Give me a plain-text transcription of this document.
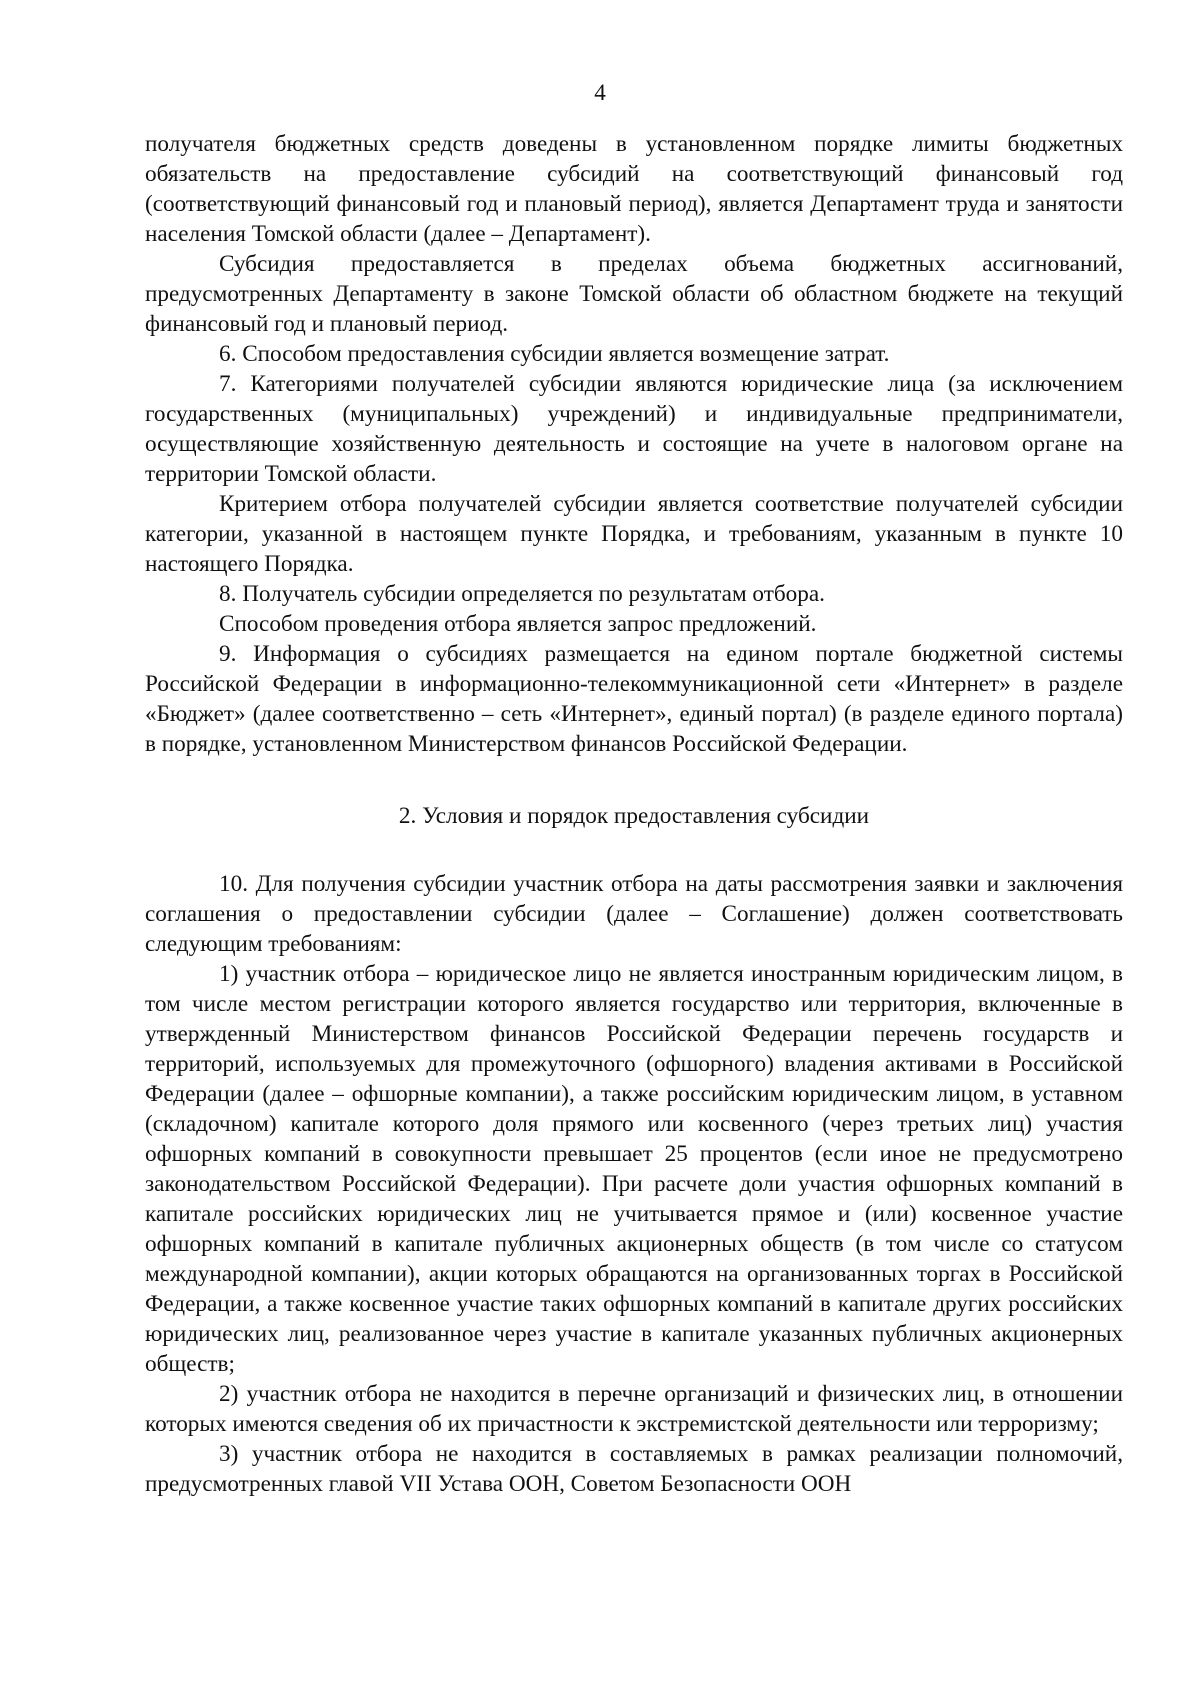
4

получателя бюджетных средств доведены в установленном порядке лимиты бюджетных обязательств на предоставление субсидий на соответствующий финансовый год (соответствующий финансовый год и плановый период), является Департамент труда и занятости населения Томской области (далее – Департамент).

Субсидия предоставляется в пределах объема бюджетных ассигнований, предусмотренных Департаменту в законе Томской области об областном бюджете на текущий финансовый год и плановый период.

6. Способом предоставления субсидии является возмещение затрат.

7. Категориями получателей субсидии являются юридические лица (за исключением государственных (муниципальных) учреждений) и индивидуальные предприниматели, осуществляющие хозяйственную деятельность и состоящие на учете в налоговом органе на территории Томской области.

Критерием отбора получателей субсидии является соответствие получателей субсидии категории, указанной в настоящем пункте Порядка, и требованиям, указанным в пункте 10 настоящего Порядка.

8. Получатель субсидии определяется по результатам отбора.

Способом проведения отбора является запрос предложений.

9. Информация о субсидиях размещается на едином портале бюджетной системы Российской Федерации в информационно-телекоммуникационной сети «Интернет» в разделе «Бюджет» (далее соответственно – сеть «Интернет», единый портал) (в разделе единого портала) в порядке, установленном Министерством финансов Российской Федерации.

2. Условия и порядок предоставления субсидии

10. Для получения субсидии участник отбора на даты рассмотрения заявки и заключения соглашения о предоставлении субсидии (далее – Соглашение) должен соответствовать следующим требованиям:

1) участник отбора – юридическое лицо не является иностранным юридическим лицом, в том числе местом регистрации которого является государство или территория, включенные в утвержденный Министерством финансов Российской Федерации перечень государств и территорий, используемых для промежуточного (офшорного) владения активами в Российской Федерации (далее – офшорные компании), а также российским юридическим лицом, в уставном (складочном) капитале которого доля прямого или косвенного (через третьих лиц) участия офшорных компаний в совокупности превышает 25 процентов (если иное не предусмотрено законодательством Российской Федерации). При расчете доли участия офшорных компаний в капитале российских юридических лиц не учитывается прямое и (или) косвенное участие офшорных компаний в капитале публичных акционерных обществ (в том числе со статусом международной компании), акции которых обращаются на организованных торгах в Российской Федерации, а также косвенное участие таких офшорных компаний в капитале других российских юридических лиц, реализованное через участие в капитале указанных публичных акционерных обществ;

2) участник отбора не находится в перечне организаций и физических лиц, в отношении которых имеются сведения об их причастности к экстремистской деятельности или терроризму;

3) участник отбора не находится в составляемых в рамках реализации полномочий, предусмотренных главой VII Устава ООН, Советом Безопасности ООН
